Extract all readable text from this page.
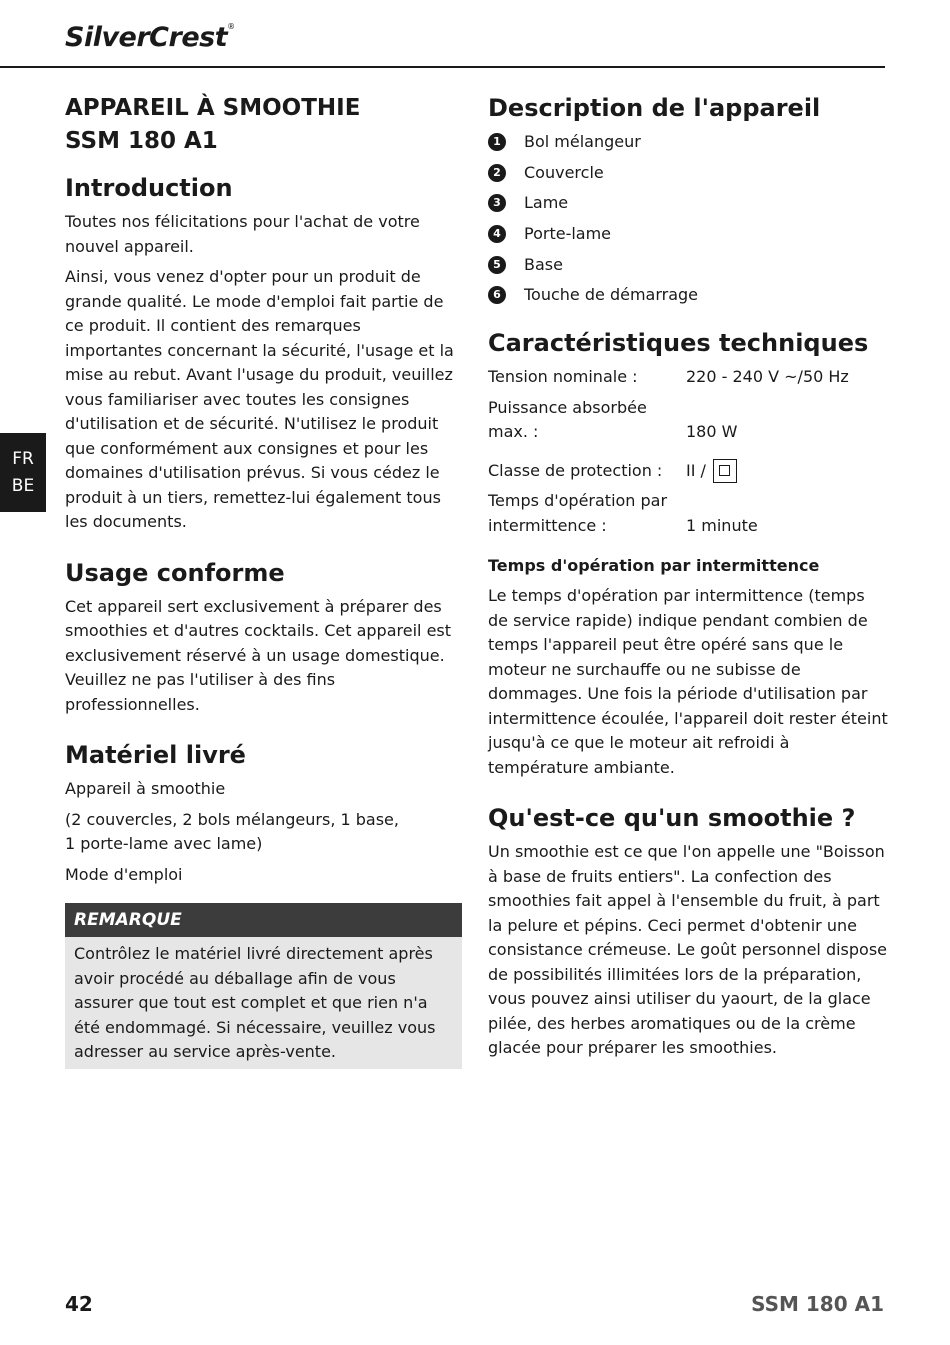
SilverCrest®
FR
BE
APPAREIL À SMOOTHIE
SSM 180 A1
Introduction

Toutes nos félicitations pour l'achat de votre nouvel appareil.

Ainsi, vous venez d'opter pour un produit de grande qualité. Le mode d'emploi fait partie de ce produit. Il contient des remarques importantes concernant la sécurité, l'usage et la mise au rebut. Avant l'usage du produit, veuillez vous familiariser avec toutes les consignes d'utilisation et de sécurité. N'utilisez le produit que conformément aux consignes et pour les domaines d'utilisation prévus. Si vous cédez le produit à un tiers, remettez-lui également tous les documents.

Usage conforme

Cet appareil sert exclusivement à préparer des smoothies et d'autres cocktails. Cet appareil est exclusivement réservé à un usage domestique. Veuillez ne pas l'utiliser à des fins professionnelles.

Matériel livré

Appareil à smoothie

(2 couvercles, 2 bols mélangeurs, 1 base,
1 porte-lame avec lame)

Mode d'emploi

REMARQUE

Contrôlez le matériel livré directement après avoir procédé au déballage afin de vous assurer que tout est complet et que rien n'a été endommagé. Si nécessaire, veuillez vous adresser au service après-vente.

Description de l'appareil
1	Bol mélangeur
2	Couvercle
3	Lame
4	Porte-lame
5	Base
6	Touche de démarrage
Caractéristiques techniques
Tension nominale :	220 - 240 V ~/50 Hz
Puissance absorbée max. :	180 W
Classe de protection :	II /
Temps d'opération par intermittence :	1 minute
Temps d'opération par intermittence

Le temps d'opération par intermittence (temps de service rapide) indique pendant combien de temps l'appareil peut être opéré sans que le moteur ne surchauffe ou ne subisse de dommages. Une fois la période d'utilisation par intermittence écoulée, l'appareil doit rester éteint jusqu'à ce que le moteur ait refroidi à température ambiante.

Qu'est-ce qu'un smoothie ?

Un smoothie est ce que l'on appelle une "Boisson à base de fruits entiers". La confection des smoothies fait appel à l'ensemble du fruit, à part la pelure et pépins. Ceci permet d'obtenir une consistance crémeuse. Le goût personnel dispose de possibilités illimitées lors de la préparation, vous pouvez ainsi utiliser du yaourt, de la glace pilée, des herbes aromatiques ou de la crème glacée pour préparer les smoothies.

42	SSM 180 A1
